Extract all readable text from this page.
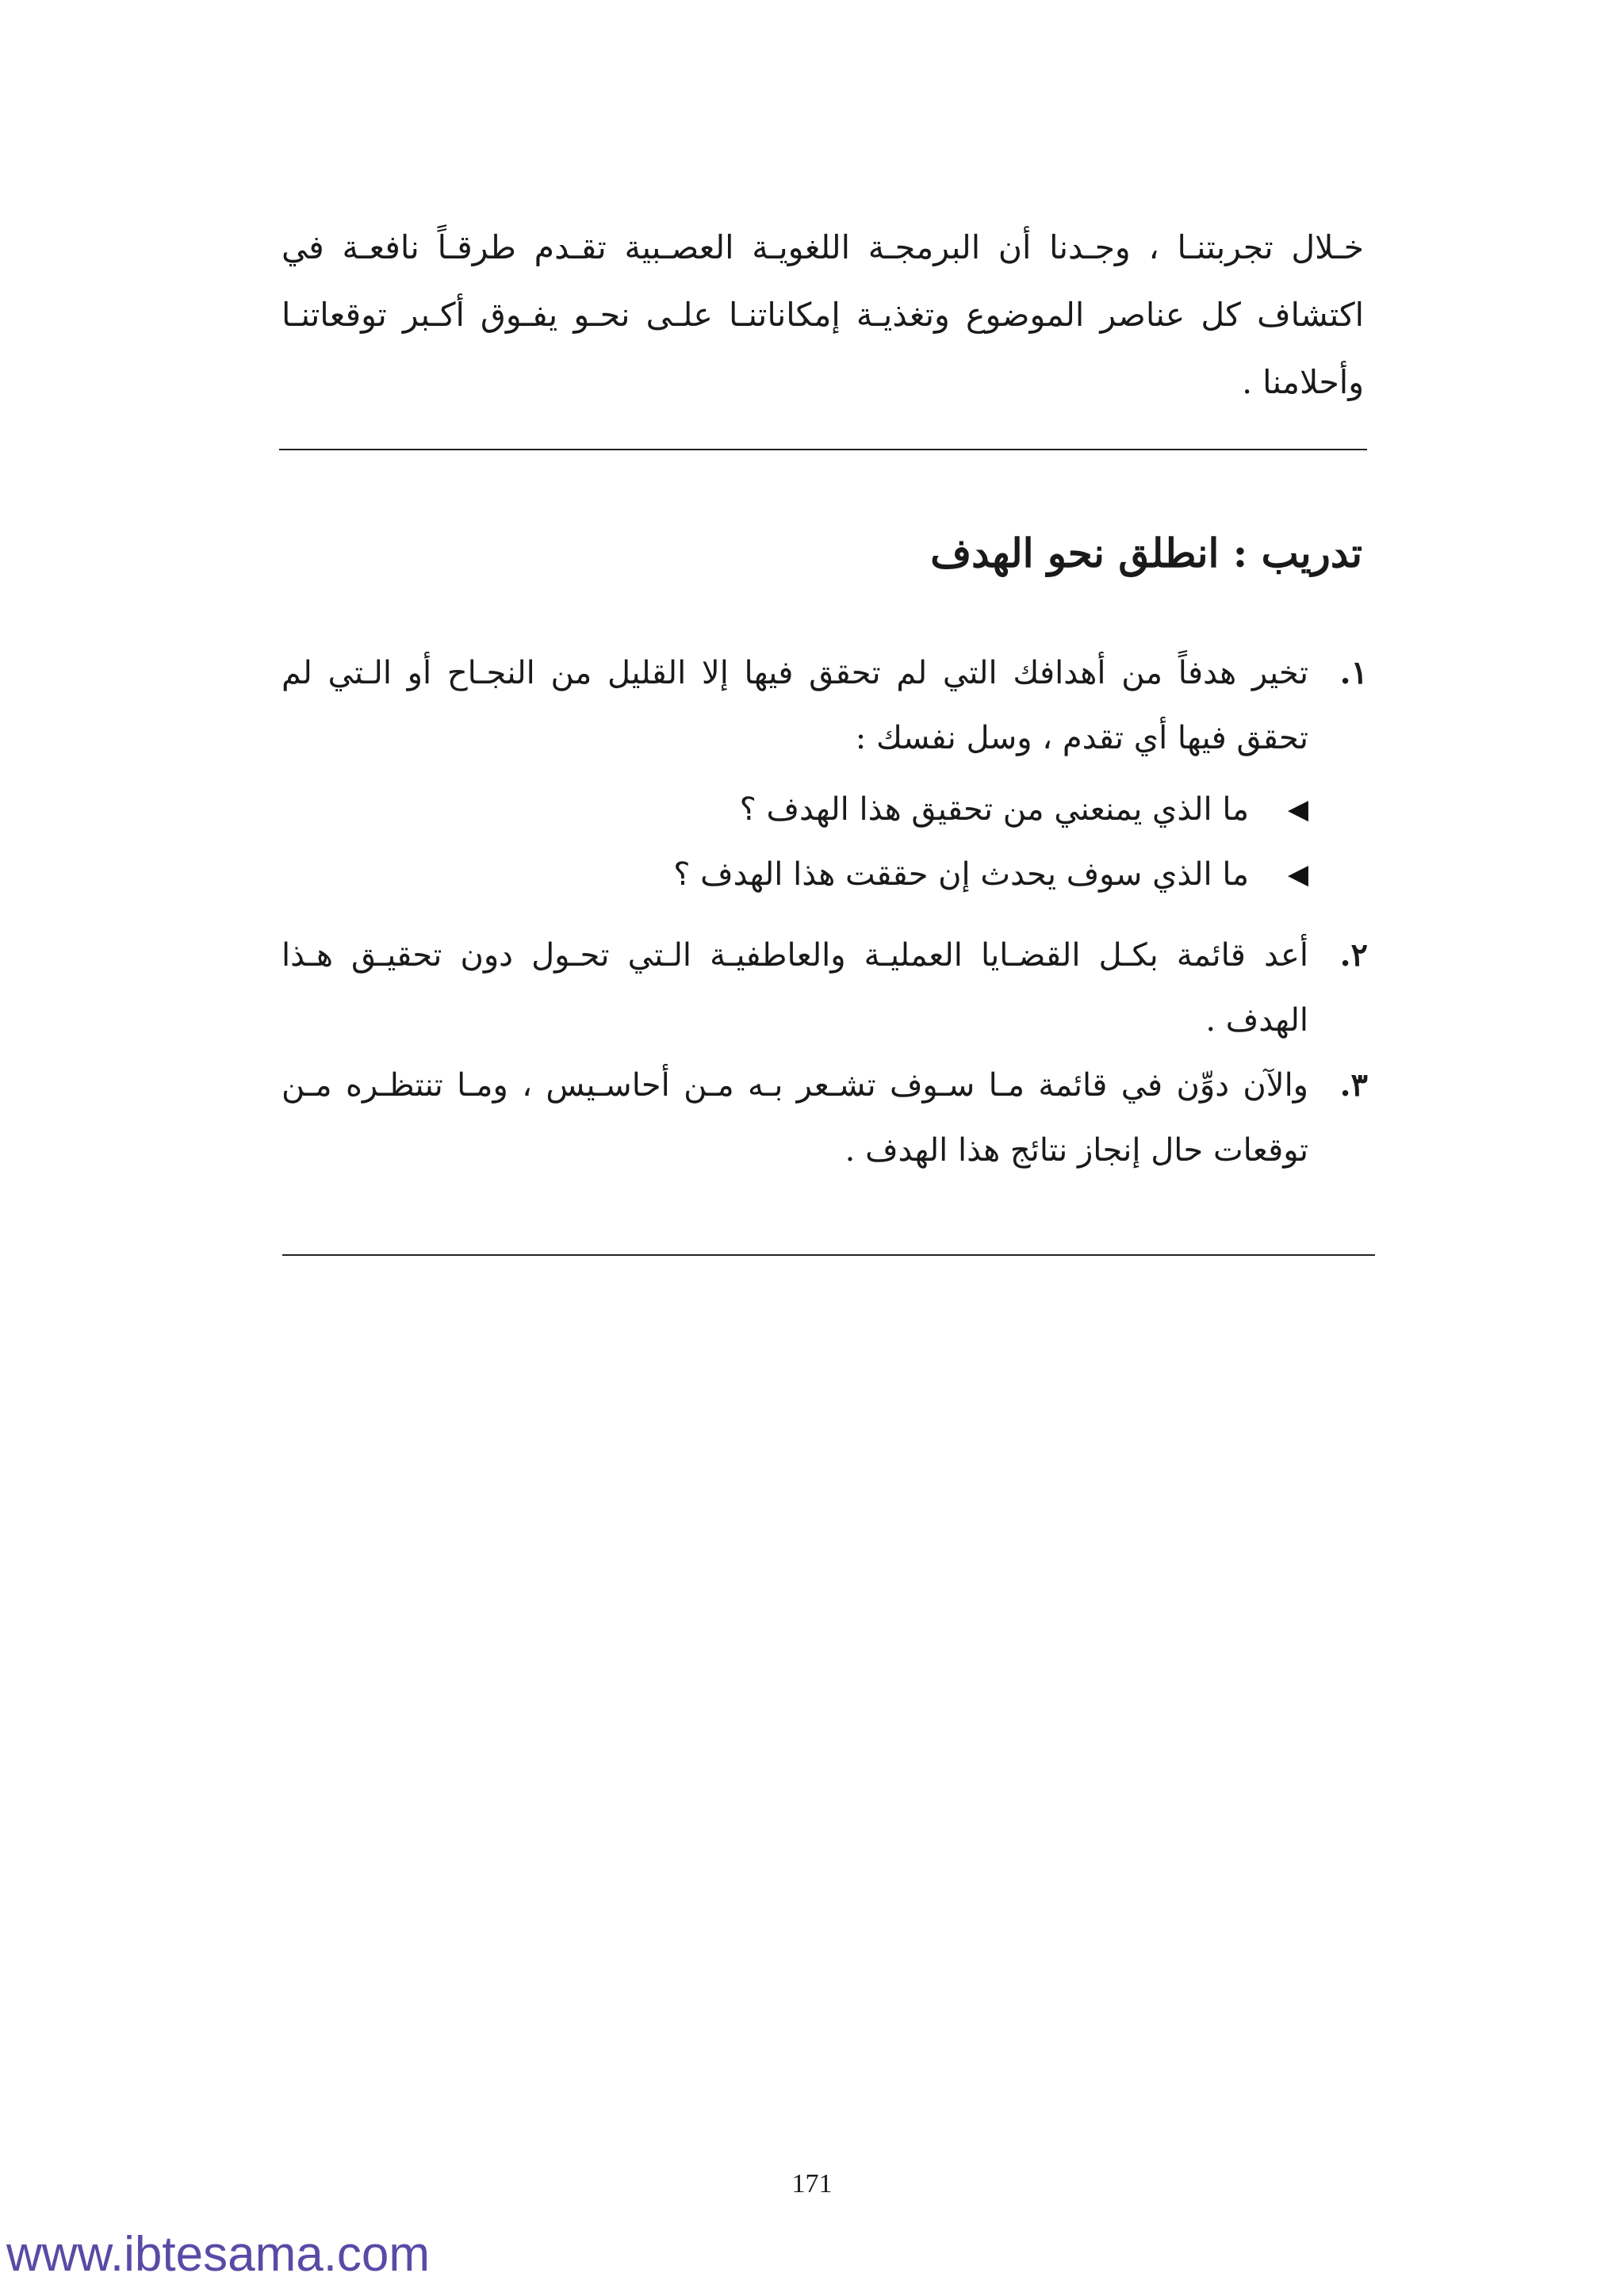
خـلال تجربتنـا ، وجـدنا أن البرمجـة اللغويـة العصـبية تقـدم طرقـاً نافعـة في اكتشاف كل عناصر الموضوع وتغذيـة إمكاناتنـا علـى نحـو يفـوق أكـبر توقعاتنـا وأحلامنا .

تدريب : انطلق نحو الهدف
١.
تخير هدفاً من أهدافك التي لم تحقق فيها إلا القليل من النجـاح أو الـتي لم تحقق فيها أي تقدم ، وسل نفسك :
◀
ما الذي يمنعني من تحقيق هذا الهدف ؟
◀
ما الذي سوف يحدث إن حققت هذا الهدف ؟
٢.
أعد قائمة بكـل القضـايا العمليـة والعاطفيـة الـتي تحـول دون تحقيـق هـذا الهدف .
٣.
والآن دوِّن في قائمة مـا سـوف تشـعر بـه مـن أحاسـيس ، ومـا تنتظـره مـن توقعات حال إنجاز نتائج هذا الهدف .
171
www.ibtesama.com
